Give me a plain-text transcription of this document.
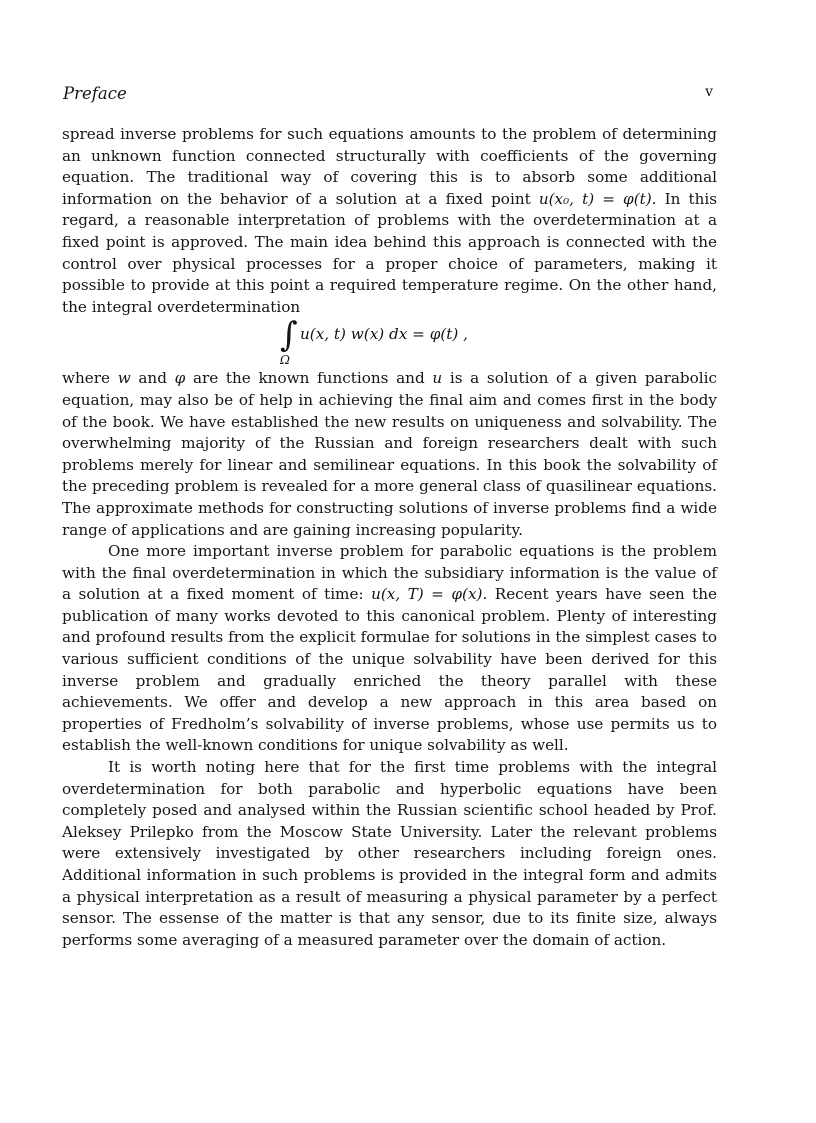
Preface	v

spread inverse problems for such equations amounts to the problem of determining an unknown function connected structurally with coefficients of the governing equation. The traditional way of covering this is to absorb some additional information on the behavior of a solution at a fixed point u(x₀, t) = φ(t). In this regard, a reasonable interpretation of problems with the overdetermination at a fixed point is approved. The main idea behind this approach is connected with the control over physical processes for a proper choice of parameters, making it possible to provide at this point a required temperature regime. On the other hand, the integral overdetermination

∫
Ω
u(x, t) w(x) dx = φ(t) ,

where w and φ are the known functions and u is a solution of a given parabolic equation, may also be of help in achieving the final aim and comes first in the body of the book. We have established the new results on uniqueness and solvability. The overwhelming majority of the Russian and foreign researchers dealt with such problems merely for linear and semilinear equations. In this book the solvability of the preceding problem is revealed for a more general class of quasilinear equations. The approximate methods for constructing solutions of inverse problems find a wide range of applications and are gaining increasing popularity.

One more important inverse problem for parabolic equations is the problem with the final overdetermination in which the subsidiary information is the value of a solution at a fixed moment of time: u(x, T) = φ(x). Recent years have seen the publication of many works devoted to this canonical problem. Plenty of interesting and profound results from the explicit formulae for solutions in the simplest cases to various sufficient conditions of the unique solvability have been derived for this inverse problem and gradually enriched the theory parallel with these achievements. We offer and develop a new approach in this area based on properties of Fredholm’s solvability of inverse problems, whose use permits us to establish the well-known conditions for unique solvability as well.

It is worth noting here that for the first time problems with the integral overdetermination for both parabolic and hyperbolic equations have been completely posed and analysed within the Russian scientific school headed by Prof. Aleksey Prilepko from the Moscow State University. Later the relevant problems were extensively investigated by other researchers including foreign ones. Additional information in such problems is provided in the integral form and admits a physical interpretation as a result of measuring a physical parameter by a perfect sensor. The essense of the matter is that any sensor, due to its finite size, always performs some averaging of a measured parameter over the domain of action.
